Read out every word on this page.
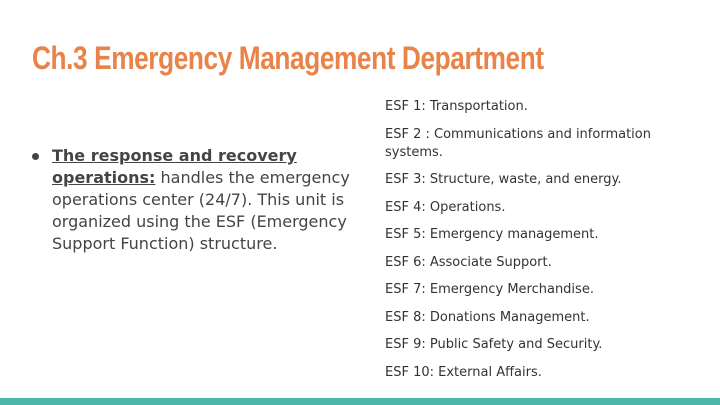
Ch.3 Emergency Management Department
The response and recovery operations: handles the emergency operations center (24/7). This unit is organized using the ESF (Emergency Support Function) structure.
ESF 1: Transportation.
ESF 2 : Communications and information systems.
ESF 3: Structure, waste, and energy.
ESF 4: Operations.
ESF 5: Emergency management.
ESF 6: Associate Support.
ESF 7: Emergency Merchandise.
ESF 8: Donations Management.
ESF 9: Public Safety and Security.
ESF 10: External Affairs.
